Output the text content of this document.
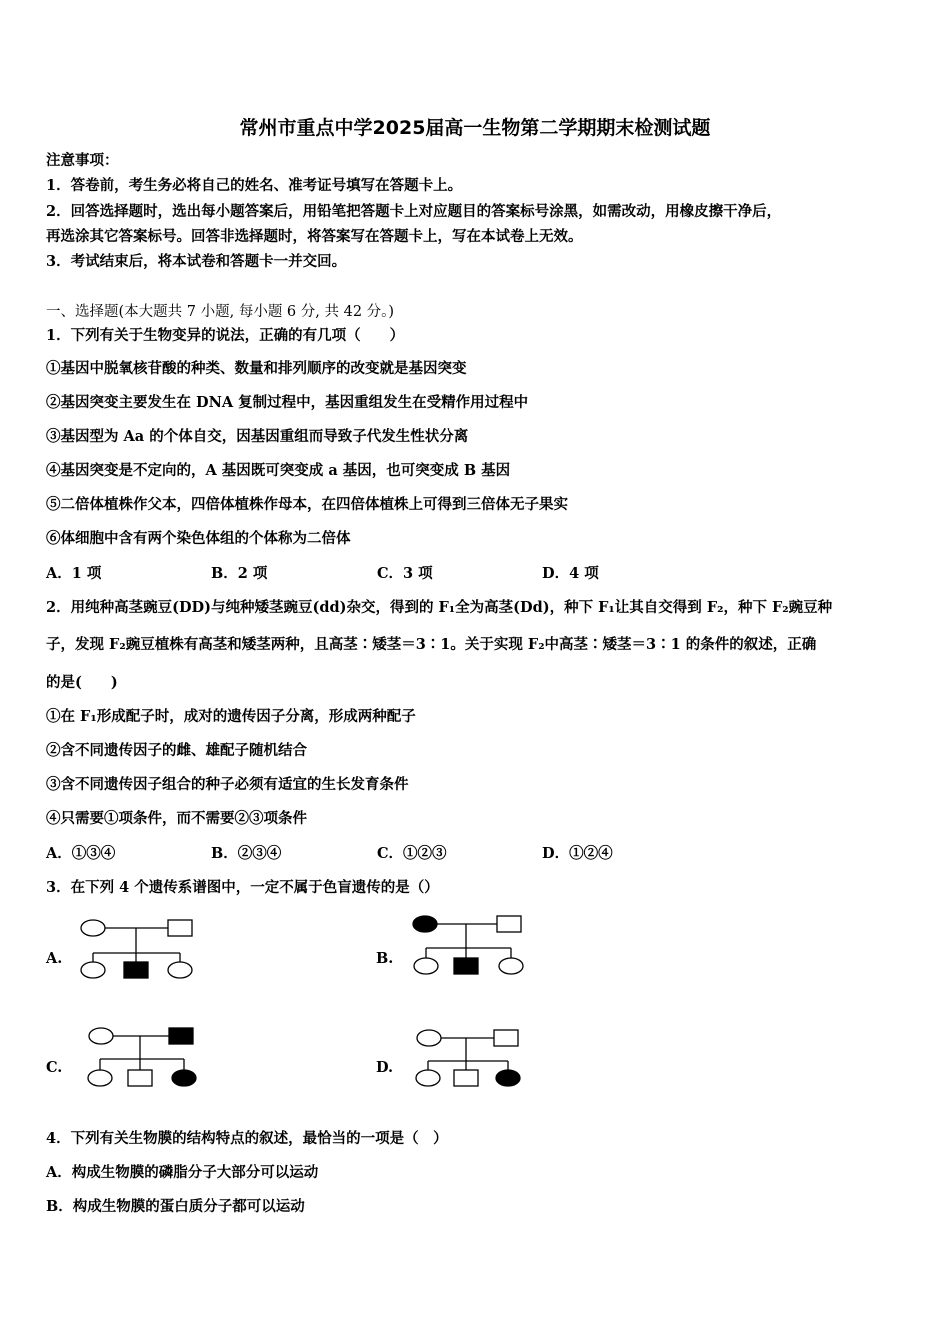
常州市重点中学2025届高一生物第二学期期末检测试题
注意事项：
1．答卷前，考生务必将自己的姓名、准考证号填写在答题卡上。
2．回答选择题时，选出每小题答案后，用铅笔把答题卡上对应题目的答案标号涂黑，如需改动，用橡皮擦干净后，
再选涂其它答案标号。回答非选择题时，将答案写在答题卡上，写在本试卷上无效。
3．考试结束后，将本试卷和答题卡一并交回。
一、选择题(本大题共 7 小题, 每小题 6 分, 共 42 分。)
1．下列有关于生物变异的说法，正确的有几项（　　）
①基因中脱氧核苷酸的种类、数量和排列顺序的改变就是基因突变
②基因突变主要发生在 DNA 复制过程中，基因重组发生在受精作用过程中
③基因型为 Aa 的个体自交，因基因重组而导致子代发生性状分离
④基因突变是不定向的，A 基因既可突变成 a 基因，也可突变成 B 基因
⑤二倍体植株作父本，四倍体植株作母本，在四倍体植株上可得到三倍体无子果实
⑥体细胞中含有两个染色体组的个体称为二倍体
A．1 项	B．2 项	C．3 项	D．4 项
2．用纯种高茎豌豆(DD)与纯种矮茎豌豆(dd)杂交，得到的 F₁全为高茎(Dd)，种下 F₁让其自交得到 F₂，种下 F₂豌豆种
子，发现 F₂豌豆植株有高茎和矮茎两种，且高茎∶矮茎＝3∶1。关于实现 F₂中高茎∶矮茎＝3∶1 的条件的叙述，正确
的是(　　)
①在 F₁形成配子时，成对的遗传因子分离，形成两种配子
②含不同遗传因子的雌、雄配子随机结合
③含不同遗传因子组合的种子必须有适宜的生长发育条件
④只需要①项条件，而不需要②③项条件
A．①③④	B．②③④	C．①②③	D．①②④
3．在下列 4 个遗传系谱图中，一定不属于色盲遗传的是（）
A.	B.
C.	D.
4．下列有关生物膜的结构特点的叙述，最恰当的一项是（　）
A．构成生物膜的磷脂分子大部分可以运动
B．构成生物膜的蛋白质分子都可以运动
